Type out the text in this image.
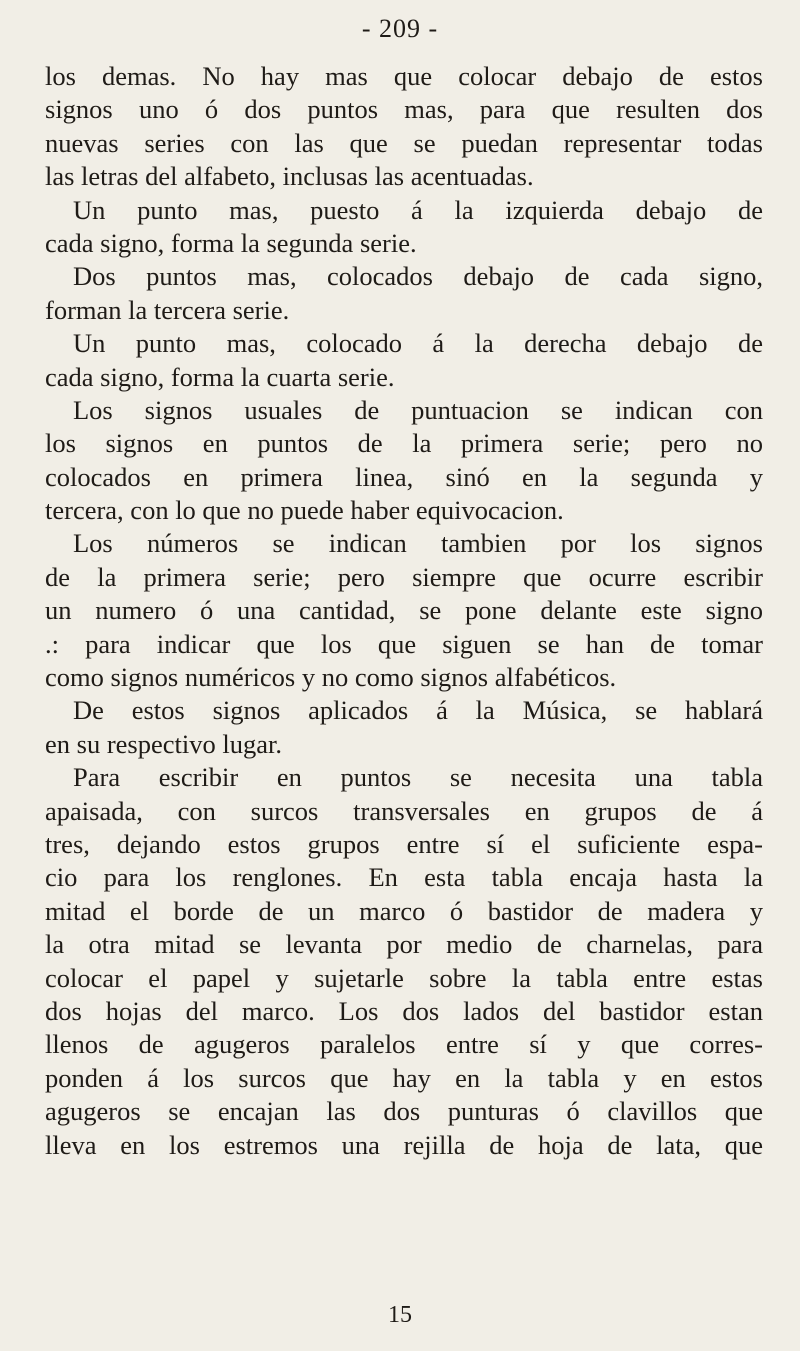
- 209 -
los demas. No hay mas que colocar debajo de estos
signos uno ó dos puntos mas, para que resulten dos
nuevas series con las que se puedan representar todas
las letras del alfabeto, inclusas las acentuadas.
Un punto mas, puesto á la izquierda debajo de
cada signo, forma la segunda serie.
Dos puntos mas, colocados debajo de cada signo,
forman la tercera serie.
Un punto mas, colocado á la derecha debajo de
cada signo, forma la cuarta serie.
Los signos usuales de puntuacion se indican con
los signos en puntos de la primera serie; pero no
colocados en primera linea, sinó en la segunda y
tercera, con lo que no puede haber equivocacion.
Los números se indican tambien por los signos
de la primera serie; pero siempre que ocurre escribir
un numero ó una cantidad, se pone delante este signo
.: para indicar que los que siguen se han de tomar
como signos numéricos y no como signos alfabéticos.
De estos signos aplicados á la Música, se hablará
en su respectivo lugar.
Para escribir en puntos se necesita una tabla
apaisada, con surcos transversales en grupos de á
tres, dejando estos grupos entre sí el suficiente espa-
cio para los renglones. En esta tabla encaja hasta la
mitad el borde de un marco ó bastidor de madera y
la otra mitad se levanta por medio de charnelas, para
colocar el papel y sujetarle sobre la tabla entre estas
dos hojas del marco. Los dos lados del bastidor estan
llenos de agugeros paralelos entre sí y que corres-
ponden á los surcos que hay en la tabla y en estos
agugeros se encajan las dos punturas ó clavillos que
lleva en los estremos una rejilla de hoja de lata, que
15
